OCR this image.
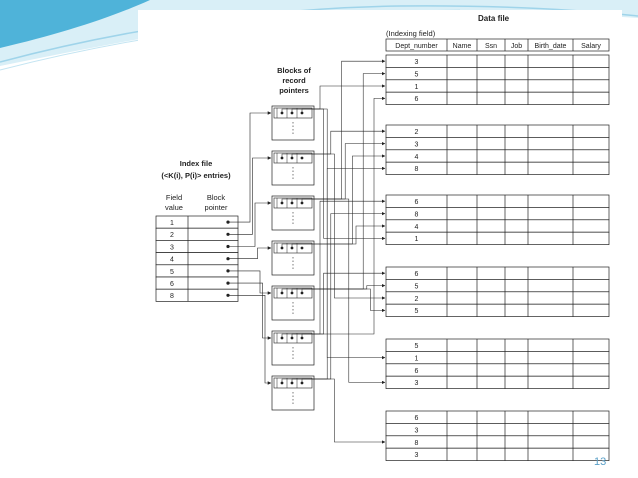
Dept_number Name Ssn Job Birth_date Salary
3
5
1
6
2
3
4
8
6
8
4
1
6
5
2
5
5
1
6
3
6
3
8
3
1
2
3
4
5
6
8
Data file
(Indexing field)
Blocks of
record
pointers
Index file
(<K(i), P(i)> entries)
Field
value
Block
pointer
13
